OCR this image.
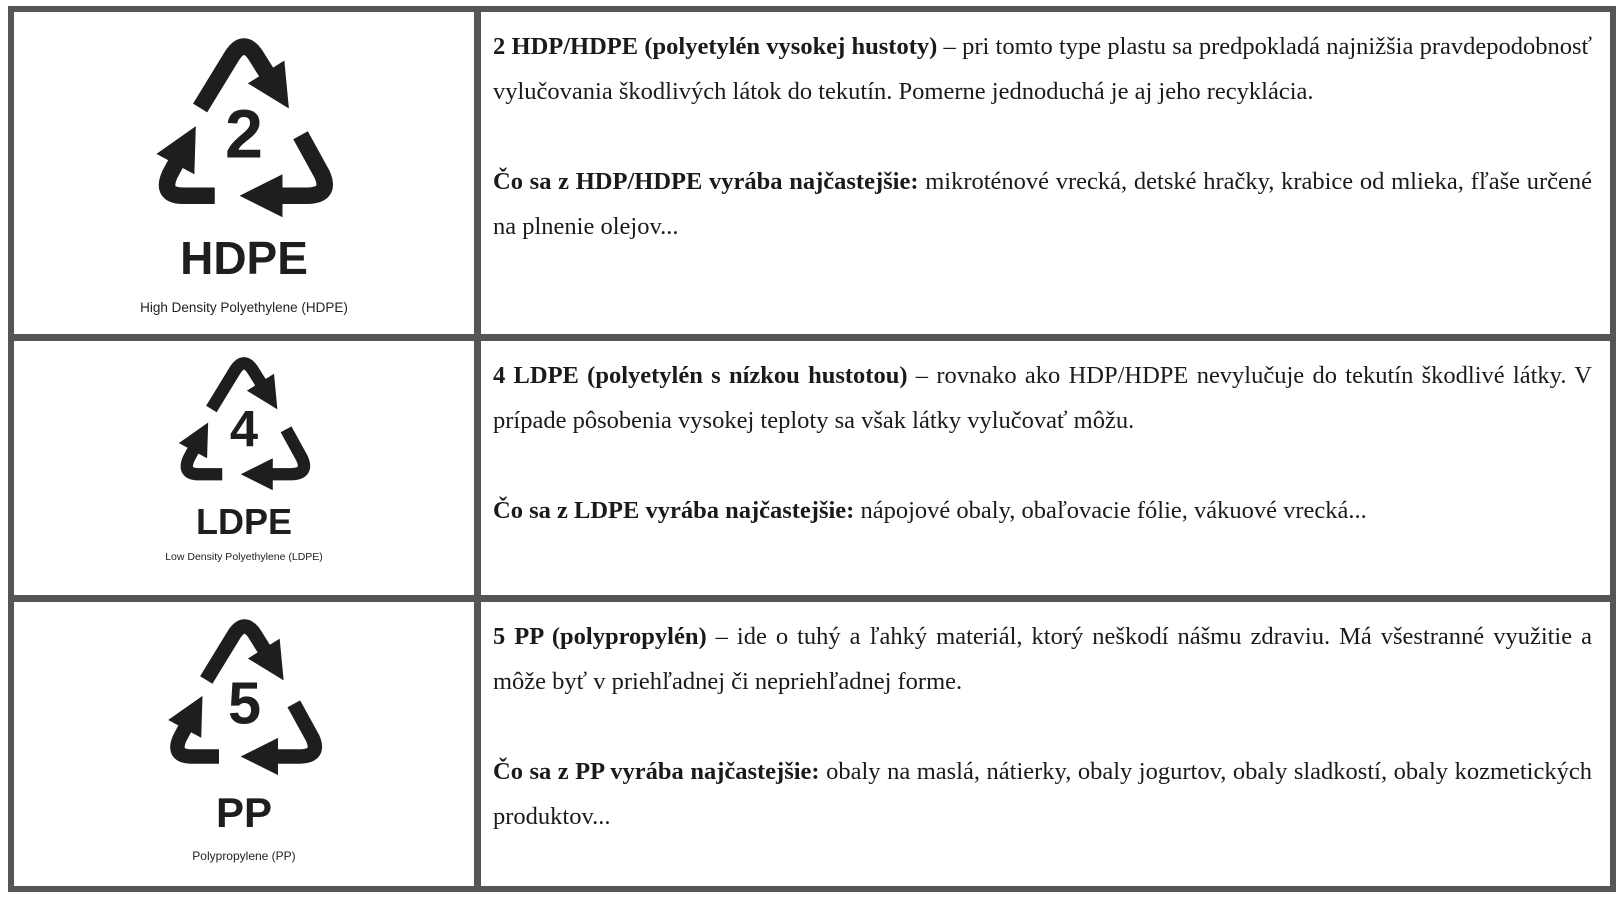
2
HDPE
High Density Polyethylene (HDPE)

2 HDP/HDPE (polyetylén vysokej hustoty) – pri tomto type plastu sa predpokladá najnižšia pravdepodobnosť vylučovania škodlivých látok do tekutín. Pomerne jednoduchá je aj jeho recyklácia.

Čo sa z HDP/HDPE vyrába najčastejšie: mikroténové vrecká, detské hračky, krabice od mlieka, fľaše určené na plnenie olejov...

4
LDPE
Low Density Polyethylene (LDPE)

4 LDPE (polyetylén s nízkou hustotou) – rovnako ako HDP/HDPE nevylučuje do tekutín škodlivé látky. V prípade pôsobenia vysokej teploty sa však látky vylučovať môžu.

Čo sa z LDPE vyrába najčastejšie: nápojové obaly, obaľovacie fólie, vákuové vrecká...

5
PP
Polypropylene (PP)

5 PP (polypropylén) – ide o tuhý a ľahký materiál, ktorý neškodí nášmu zdraviu. Má všestranné využitie a môže byť v priehľadnej či nepriehľadnej forme.

Čo sa z PP vyrába najčastejšie: obaly na maslá, nátierky, obaly jogurtov, obaly sladkostí, obaly kozmetických produktov...
